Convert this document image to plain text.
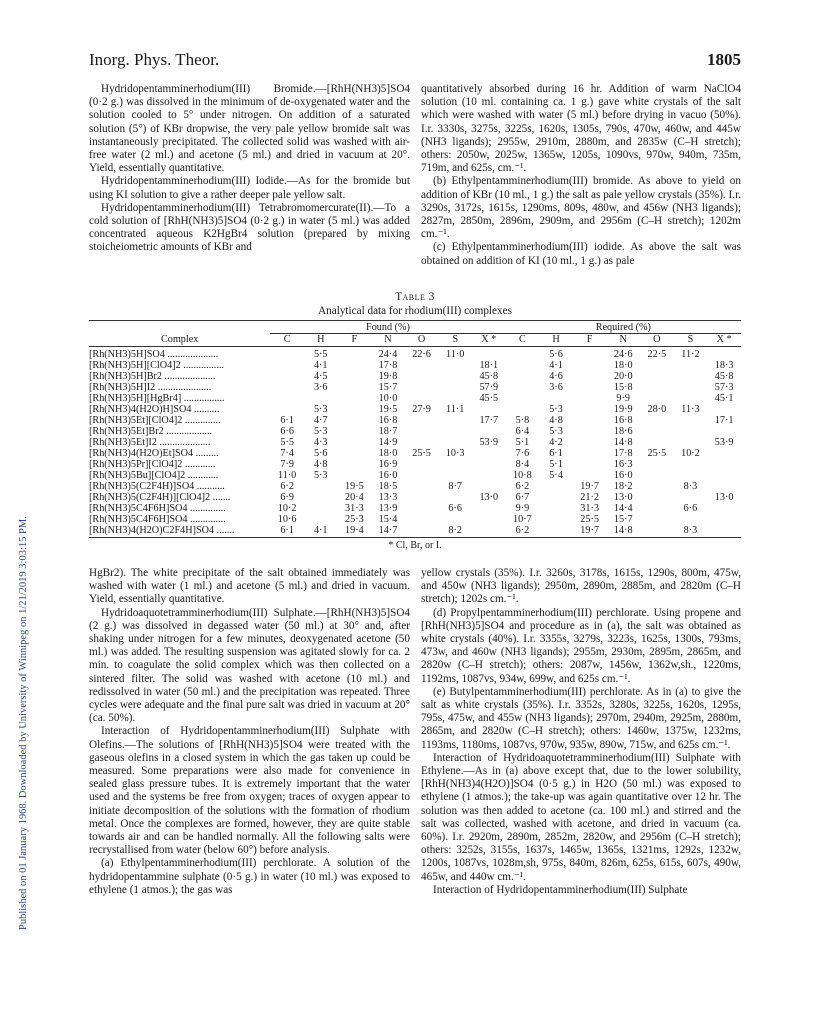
Inorg. Phys. Theor.	1805
Published on 01 January 1968. Downloaded by University of Winnipeg on 1/21/2019 3:03:15 PM.

Hydridopentamminerhodium(III) Bromide.—[RhH(NH3)5]SO4 (0·2 g.) was dissolved in the minimum of de-oxygenated water and the solution cooled to 5° under nitrogen. On addition of a saturated solution (5°) of KBr dropwise, the very pale yellow bromide salt was instantaneously precipitated. The collected solid was washed with air-free water (2 ml.) and acetone (5 ml.) and dried in vacuum at 20°. Yield, essentially quantitative.

Hydridopentamminerhodium(III) Iodide.—As for the bromide but using KI solution to give a rather deeper pale yellow salt.

Hydridopentamminerhodium(III) Tetrabromomercurate(II).—To a cold solution of [RhH(NH3)5]SO4 (0·2 g.) in water (5 ml.) was added concentrated aqueous K2HgBr4 solution (prepared by mixing stoicheiometric amounts of KBr and

quantitatively absorbed during 16 hr. Addition of warm NaClO4 solution (10 ml. containing ca. 1 g.) gave white crystals of the salt which were washed with water (5 ml.) before drying in vacuo (50%). I.r. 3330s, 3275s, 3225s, 1620s, 1305s, 790s, 470w, 460w, and 445w (NH3 ligands); 2955w, 2910m, 2880m, and 2835w (C–H stretch); others: 2050w, 2025w, 1365w, 1205s, 1090vs, 970w, 940m, 735m, 719m, and 625s, cm.⁻¹.

(b) Ethylpentamminerhodium(III) bromide. As above to yield on addition of KBr (10 ml., 1 g.) the salt as pale yellow crystals (35%). I.r. 3290s, 3172s, 1615s, 1290ms, 809s, 480w, and 456w (NH3 ligands); 2827m, 2850m, 2896m, 2909m, and 2956m (C–H stretch); 1202m cm.⁻¹.

(c) Ethylpentamminerhodium(III) iodide. As above the salt was obtained on addition of KI (10 ml., 1 g.) as pale

Table 3
Analytical data for rhodium(III) complexes
	Found (%)							Required (%)						
Complex	C	H	F	N	O	S	X *	C	H	F	N	O	S	X *
[Rh(NH3)5H]SO4 ....................		5·5		24·4	22·6	11·0			5·6		24·6	22·5	11·2	
[Rh(NH3)5H][ClO4]2 ................		4·1		17·8			18·1		4·1		18·0			18·3
[Rh(NH3)5H]Br2 ....................		4·5		19·8			45·8		4·6		20·0			45·8
[Rh(NH3)5H]I2 .....................		3·6		15·7			57·9		3·6		15·8			57·3
[Rh(NH3)5H][HgBr4] ................				10·0			45·5				9·9			45·1
[Rh(NH3)4(H2O)H]SO4 ..........		5·3		19·5	27·9	11·1			5·3		19·9	28·0	11·3	
[Rh(NH3)5Et][ClO4]2 ..............	6·1	4·7		16·8			17·7	5·8	4·8		16·8			17·1
[Rh(NH3)5Et]Br2 ..................	6·6	5·3		18·7				6·4	5·3		18·6			
[Rh(NH3)5Et]I2 ....................	5·5	4·3		14·9			53·9	5·1	4·2		14·8			53·9
[Rh(NH3)4(H2O)Et]SO4 .........	7·4	5·6		18·0	25·5	10·3		7·6	6·1		17·8	25·5	10·2	
[Rh(NH3)5Pr][ClO4]2 ............	7·9	4·8		16·9				8·4	5·1		16·3			
[Rh(NH3)5Bu][ClO4]2 ............	11·0	5·3		16·0				10·8	5·4		16·0			
[Rh(NH3)5(C2F4H)]SO4 ...........	6·2		19·5	18·5		8·7		6·2		19·7	18·2		8·3	
[Rh(NH3)5(C2F4H)][ClO4]2 .......	6·9		20·4	13·3			13·0	6·7		21·2	13·0			13·0
[Rh(NH3)5C4F6H]SO4 ..............	10·2		31·3	13·9		6·6		9·9		31·3	14·4		6·6	
[Rh(NH3)5C4F6H]SO4 ..............	10·6		25·3	15·4				10·7		25·5	15·7			
[Rh(NH3)4(H2O)C2F4H]SO4 .......	6·1	4·1	19·4	14·7		8·2		6·2		19·7	14·8		8·3	
* Cl, Br, or I.

HgBr2). The white precipitate of the salt obtained immediately was washed with water (1 ml.) and acetone (5 ml.) and dried in vacuum. Yield, essentially quantitative.

Hydridoaquotetramminerhodium(III) Sulphate.—[RhH(NH3)5]SO4 (2 g.) was dissolved in degassed water (50 ml.) at 30° and, after shaking under nitrogen for a few minutes, deoxygenated acetone (50 ml.) was added. The resulting suspension was agitated slowly for ca. 2 min. to coagulate the solid complex which was then collected on a sintered filter. The solid was washed with acetone (10 ml.) and redissolved in water (50 ml.) and the precipitation was repeated. Three cycles were adequate and the final pure salt was dried in vacuum at 20° (ca. 50%).

Interaction of Hydridopentamminerhodium(III) Sulphate with Olefins.—The solutions of [RhH(NH3)5]SO4 were treated with the gaseous olefins in a closed system in which the gas taken up could be measured. Some preparations were also made for convenience in sealed glass pressure tubes. It is extremely important that the water used and the systems be free from oxygen; traces of oxygen appear to initiate decomposition of the solutions with the formation of rhodium metal. Once the complexes are formed, however, they are quite stable towards air and can be handled normally. All the following salts were recrystallised from water (below 60°) before analysis.

(a) Ethylpentamminerhodium(III) perchlorate. A solution of the hydridopentammine sulphate (0·5 g.) in water (10 ml.) was exposed to ethylene (1 atmos.); the gas was

yellow crystals (35%). I.r. 3260s, 3178s, 1615s, 1290s, 800m, 475w, and 450w (NH3 ligands); 2950m, 2890m, 2885m, and 2820m (C–H stretch); 1202s cm.⁻¹.

(d) Propylpentamminerhodium(III) perchlorate. Using propene and [RhH(NH3)5]SO4 and procedure as in (a), the salt was obtained as white crystals (40%). I.r. 3355s, 3279s, 3223s, 1625s, 1300s, 793ms, 473w, and 460w (NH3 ligands); 2955m, 2930m, 2895m, 2865m, and 2820w (C–H stretch); others: 2087w, 1456w, 1362w,sh., 1220ms, 1192ms, 1087vs, 934w, 699w, and 625s cm.⁻¹.

(e) Butylpentamminerhodium(III) perchlorate. As in (a) to give the salt as white crystals (35%). I.r. 3352s, 3280s, 3225s, 1620s, 1295s, 795s, 475w, and 455w (NH3 ligands); 2970m, 2940m, 2925m, 2880m, 2865m, and 2820w (C–H stretch); others: 1460w, 1375w, 1232ms, 1193ms, 1180ms, 1087vs, 970w, 935w, 890w, 715w, and 625s cm.⁻¹.

Interaction of Hydridoaquotetramminerhodium(III) Sulphate with Ethylene.—As in (a) above except that, due to the lower solubility, [RhH(NH3)4(H2O)]SO4 (0·5 g.) in H2O (50 ml.) was exposed to ethylene (1 atmos.); the take-up was again quantitative over 12 hr. The solution was then added to acetone (ca. 100 ml.) and stirred and the salt was collected, washed with acetone, and dried in vacuum (ca. 60%). I.r. 2920m, 2890m, 2852m, 2820w, and 2956m (C–H stretch); others: 3252s, 3155s, 1637s, 1465w, 1365s, 1321ms, 1292s, 1232w, 1200s, 1087vs, 1028m,sh, 975s, 840m, 826m, 625s, 615s, 607s, 490w, 465w, and 440w cm.⁻¹.

Interaction of Hydridopentamminerhodium(III) Sulphate
